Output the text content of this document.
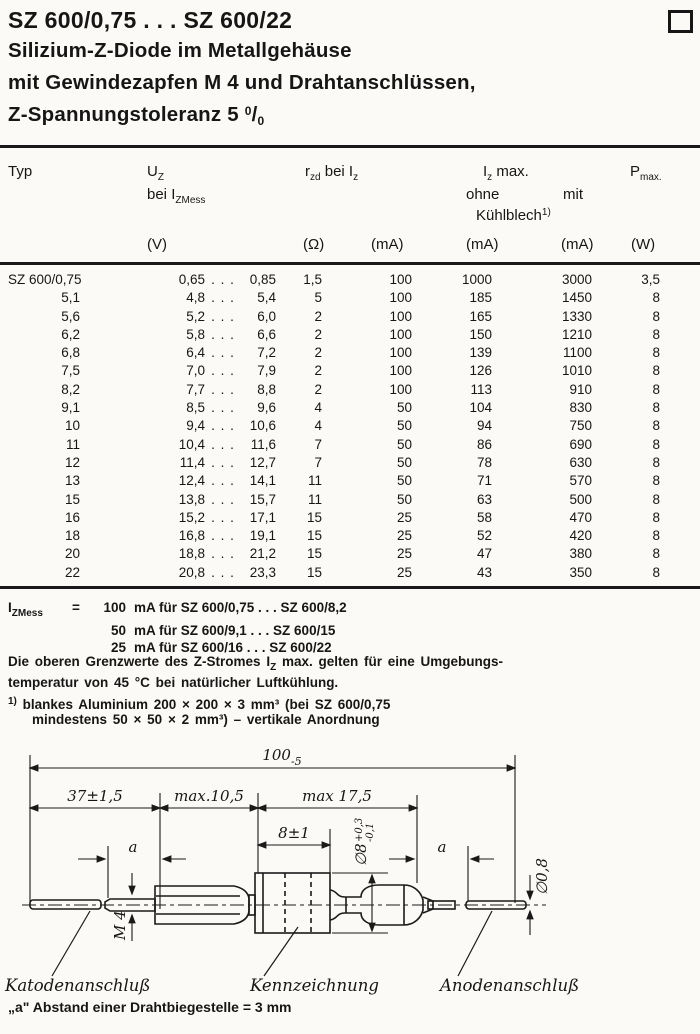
SZ 600/0,75 . . . SZ 600/22
Silizium-Z-Diode im Metallgehäuse
mit Gewindezapfen M 4 und Drahtanschlüssen,
Z-Spannungstoleranz 5 $^0/_0$
Typ	$U_Z$
bei $I_{ZMess}$
$r_{zd}$ bei $I_z$	$I_z$ max.
ohne	mit
Kühlblech$^{1)}$
$P_{max.}$
(V)	(Ω)	(mA)	(mA)	(mA)	(W)
SZ 600/0,75	0,65 . . .	0,85	1,5	100	1000	3000	3,5
5,1	4,8 . . .	5,4	5	100	185	1450	8
5,6	5,2 . . .	6,0	2	100	165	1330	8
6,2	5,8 . . .	6,6	2	100	150	1210	8
6,8	6,4 . . .	7,2	2	100	139	1100	8
7,5	7,0 . . .	7,9	2	100	126	1010	8
8,2	7,7 . . .	8,8	2	100	113	910	8
9,1	8,5 . . .	9,6	4	50	104	830	8
10	9,4 . . .	10,6	4	50	94	750	8
11	10,4 . . .	11,6	7	50	86	690	8
12	11,4 . . .	12,7	7	50	78	630	8
13	12,4 . . .	14,1	11	50	71	570	8
15	13,8 . . .	15,7	11	50	63	500	8
16	15,2 . . .	17,1	15	25	58	470	8
18	16,8 . . .	19,1	15	25	52	420	8
20	18,8 . . .	21,2	15	25	47	380	8
22	20,8 . . .	23,3	15	25	43	350	8
$I_{ZMess}$	=	100 mA für SZ 600/0,75 . . . SZ 600/8,2
50 mA für SZ 600/9,1 . . . SZ 600/15
25 mA für SZ 600/16 . . . SZ 600/22
Die oberen Grenzwerte des Z-Stromes $I_Z$ max. gelten für eine Umgebungs-
temperatur von 45 °C bei natürlicher Luftkühlung.
$^{1)}$ blankes Aluminium 200 × 200 × 3 mm³ (bei SZ 600/0,75
mindestens 50 × 50 × 2 mm³) – vertikale Anordnung
$100_{-5}$
37±1,5	max.10,5	max 17,5
8±1
a	a
∅8
+0,3 -0,1
M 4
∅0,8
Katodenanschluß	Kennzeichnung	Anodenanschluß
„a" Abstand einer Drahtbiegestelle = 3 mm
